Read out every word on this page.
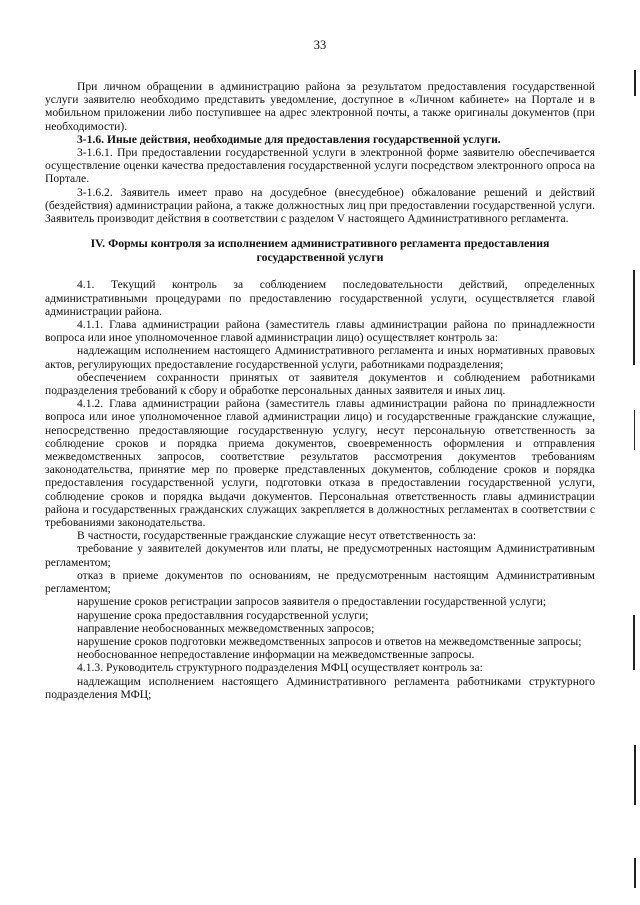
33

При личном обращении в администрацию района за результатом предоставления государственной услуги заявителю необходимо представить уведомление, доступное в «Личном кабинете» на Портале и в мобильном приложении либо поступившее на адрес электронной почты, а также оригиналы документов (при необходимости).

3-1.6. Иные действия, необходимые для предоставления государственной услуги.

3-1.6.1. При предоставлении государственной услуги в электронной форме заявителю обеспечивается осуществление оценки качества предоставления государственной услуги посредством электронного опроса на Портале.

3-1.6.2. Заявитель имеет право на досудебное (внесудебное) обжалование решений и действий (бездействия) администрации района, а также должностных лиц при предоставлении государственной услуги. Заявитель производит действия в соответствии с разделом V настоящего Административного регламента.

IV. Формы контроля за исполнением административного регламента предоставления государственной услуги

4.1. Текущий контроль за соблюдением последовательности действий, определенных административными процедурами по предоставлению государственной услуги, осуществляется главой администрации района.

4.1.1. Глава администрации района (заместитель главы администрации района по принадлежности вопроса или иное уполномоченное главой администрации лицо) осуществляет контроль за:

надлежащим исполнением настоящего Административного регламента и иных нормативных правовых актов, регулирующих предоставление государственной услуги, работниками подразделения;

обеспечением сохранности принятых от заявителя документов и соблюдением работниками подразделения требований к сбору и обработке персональных данных заявителя и иных лиц.

4.1.2. Глава администрации района (заместитель главы администрации района по принадлежности вопроса или иное уполномоченное главой администрации лицо) и государственные гражданские служащие, непосредственно предоставляющие государственную услугу, несут персональную ответственность за соблюдение сроков и порядка приема документов, своевременность оформления и отправления межведомственных запросов, соответствие результатов рассмотрения документов требованиям законодательства, принятие мер по проверке представленных документов, соблюдение сроков и порядка предоставления государственной услуги, подготовки отказа в предоставлении государственной услуги, соблюдение сроков и порядка выдачи документов. Персональная ответственность главы администрации района и государственных гражданских служащих закрепляется в должностных регламентах в соответствии с требованиями законодательства.

В частности, государственные гражданские служащие несут ответственность за:

требование у заявителей документов или платы, не предусмотренных настоящим Административным регламентом;

отказ в приеме документов по основаниям, не предусмотренным настоящим Административным регламентом;

нарушение сроков регистрации запросов заявителя о предоставлении государственной услуги;

нарушение срока предоставлвния государственной услуги;

направление необоснованных межведомственных запросов;

нарушение сроков подготовки межведомственных запросов и ответов на межведомственные запросы;

необоснованное непредоставление информации на межведомственные запросы.

4.1.3. Руководитель структурного подразделения МФЦ осуществляет контроль за:

надлежащим исполнением настоящего Административного регламента работниками структурного подразделения МФЦ;
